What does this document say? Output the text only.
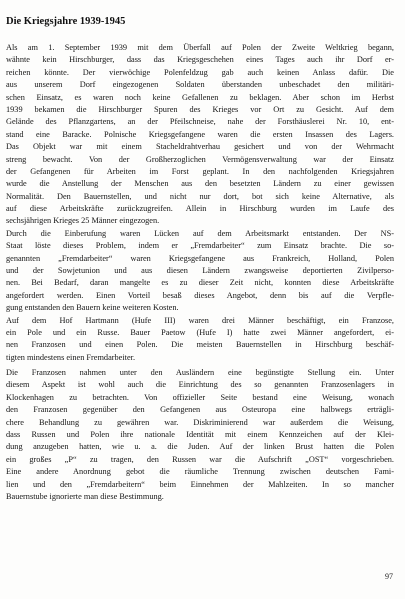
Die Kriegsjahre 1939-1945
Als am 1. September 1939 mit dem Überfall auf Polen der Zweite Weltkrieg begann,
wähnte kein Hirschburger, dass das Kriegsgeschehen eines Tages auch ihr Dorf er-
reichen könnte. Der vierwöchige Polenfeldzug gab auch keinen Anlass dafür. Die
aus unserem Dorf eingezogenen Soldaten überstanden unbeschadet den militäri-
schen Einsatz, es waren noch keine Gefallenen zu beklagen. Aber schon im Herbst
1939 bekamen die Hirschburger Spuren des Krieges vor Ort zu Gesicht. Auf dem
Gelände des Pflanzgartens, an der Pfeilschneise, nahe der Forsthäuslerei Nr. 10, ent-
stand eine Baracke. Polnische Kriegsgefangene waren die ersten Insassen des Lagers.
Das Objekt war mit einem Stacheldrahtverhau gesichert und von der Wehrmacht
streng bewacht. Von der Großherzoglichen Vermögensverwaltung war der Einsatz
der Gefangenen für Arbeiten im Forst geplant. In den nachfolgenden Kriegsjahren
wurde die Anstellung der Menschen aus den besetzten Ländern zu einer gewissen
Normalität. Den Bauernstellen, und nicht nur dort, bot sich keine Alternative, als
auf diese Arbeitskräfte zurückzugreifen. Allein in Hirschburg wurden im Laufe des
sechsjährigen Krieges 25 Männer eingezogen.
Durch die Einberufung waren Lücken auf dem Arbeitsmarkt entstanden. Der NS-
Staat löste dieses Problem, indem er „Fremdarbeiter“ zum Einsatz brachte. Die so-
genannten „Fremdarbeiter“ waren Kriegsgefangene aus Frankreich, Holland, Polen
und der Sowjetunion und aus diesen Ländern zwangsweise deportierten Zivilperso-
nen. Bei Bedarf, daran mangelte es zu dieser Zeit nicht, konnten diese Arbeitskräfte
angefordert werden. Einen Vorteil besaß dieses Angebot, denn bis auf die Verpfle-
gung entstanden den Bauern keine weiteren Kosten.
Auf dem Hof Hartmann (Hufe III) waren drei Männer beschäftigt, ein Franzose,
ein Pole und ein Russe. Bauer Paetow (Hufe I) hatte zwei Männer angefordert, ei-
nen Franzosen und einen Polen. Die meisten Bauernstellen in Hirschburg beschäf-
tigten mindestens einen Fremdarbeiter.
Die Franzosen nahmen unter den Ausländern eine begünstigte Stellung ein. Unter
diesem Aspekt ist wohl auch die Einrichtung des so genannten Franzosenlagers in
Klockenhagen zu betrachten. Von offizieller Seite bestand eine Weisung, wonach
den Franzosen gegenüber den Gefangenen aus Osteuropa eine halbwegs erträgli-
chere Behandlung zu gewähren war. Diskriminierend war außerdem die Weisung,
dass Russen und Polen ihre nationale Identität mit einem Kennzeichen auf der Klei-
dung anzugeben hatten, wie u. a. die Juden. Auf der linken Brust hatten die Polen
ein großes „P“ zu tragen, den Russen war die Aufschrift „OST“ vorgeschrieben.
Eine andere Anordnung gebot die räumliche Trennung zwischen deutschen Fami-
lien und den „Fremdarbeitern“ beim Einnehmen der Mahlzeiten. In so mancher
Bauernstube ignorierte man diese Bestimmung.
97
